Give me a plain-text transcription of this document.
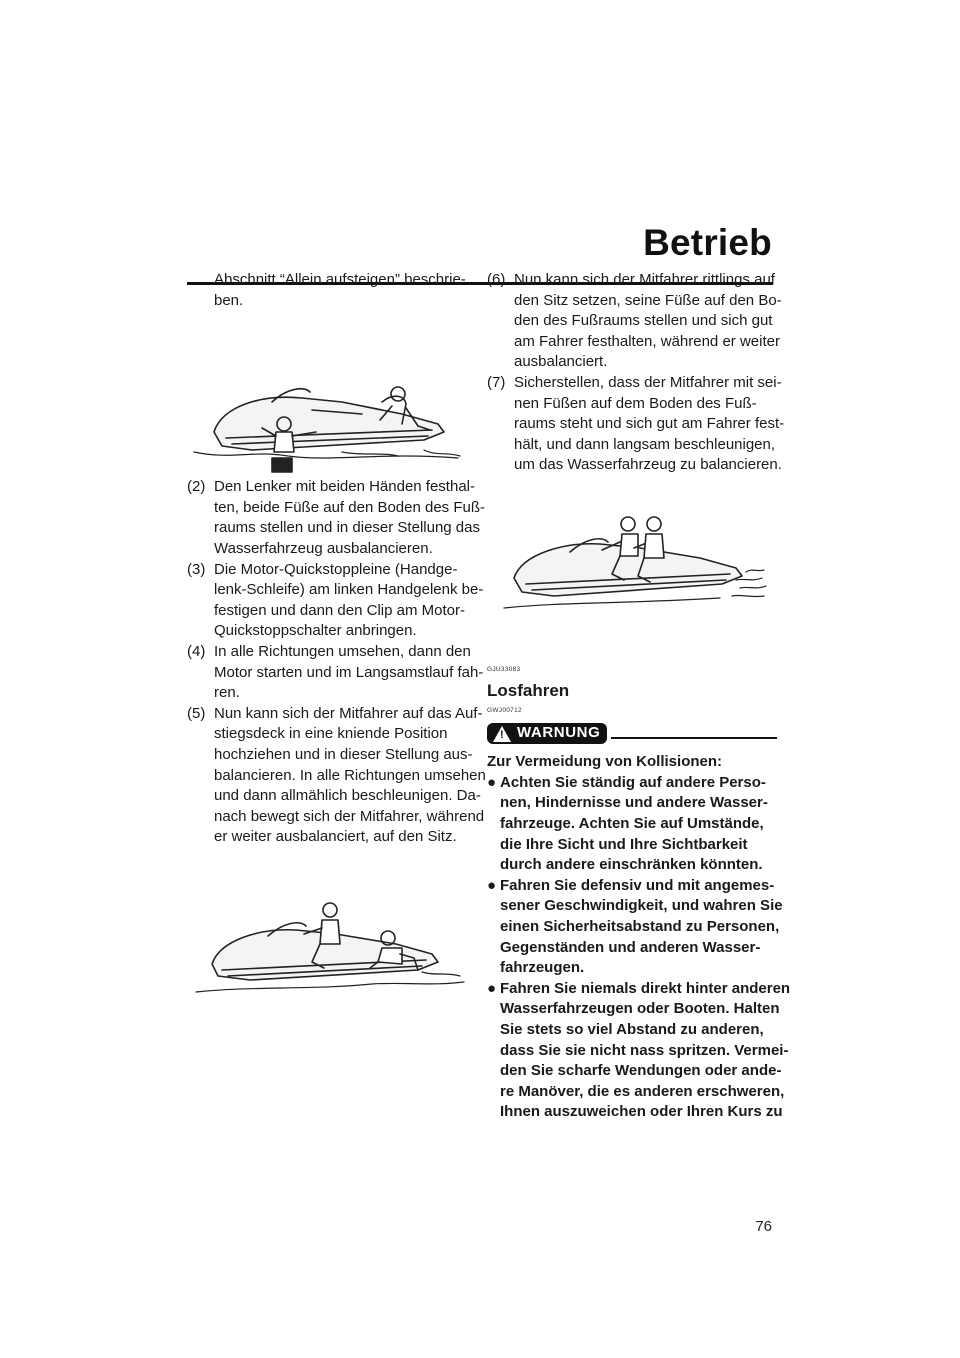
Betrieb
Abschnitt “Allein aufsteigen” beschrie-
ben.
(2) Den Lenker mit beiden Händen festhal-
ten, beide Füße auf den Boden des Fuß-
raums stellen und in dieser Stellung das
Wasserfahrzeug ausbalancieren.
(3) Die Motor-Quickstoppleine (Handge-
lenk-Schleife) am linken Handgelenk be-
festigen und dann den Clip am Motor-
Quickstoppschalter anbringen.
(4) In alle Richtungen umsehen, dann den
Motor starten und im Langsamstlauf fah-
ren.
(5) Nun kann sich der Mitfahrer auf das Auf-
stiegsdeck in eine kniende Position
hochziehen und in dieser Stellung aus-
balancieren. In alle Richtungen umsehen
und dann allmählich beschleunigen. Da-
nach bewegt sich der Mitfahrer, während
er weiter ausbalanciert, auf den Sitz.
(6) Nun kann sich der Mitfahrer rittlings auf
den Sitz setzen, seine Füße auf den Bo-
den des Fußraums stellen und sich gut
am Fahrer festhalten, während er weiter
ausbalanciert.
(7) Sicherstellen, dass der Mitfahrer mit sei-
nen Füßen auf dem Boden des Fuß-
raums steht und sich gut am Fahrer fest-
hält, und dann langsam beschleunigen,
um das Wasserfahrzeug zu balancieren.
GJU33083
Losfahren
GWJ00712
! WARNUNG
Zur Vermeidung von Kollisionen:
● Achten Sie ständig auf andere Perso-
nen, Hindernisse und andere Wasser-
fahrzeuge. Achten Sie auf Umstände,
die Ihre Sicht und Ihre Sichtbarkeit
durch andere einschränken könnten.
● Fahren Sie defensiv und mit angemes-
sener Geschwindigkeit, und wahren Sie
einen Sicherheitsabstand zu Personen,
Gegenständen und anderen Wasser-
fahrzeugen.
● Fahren Sie niemals direkt hinter anderen
Wasserfahrzeugen oder Booten. Halten
Sie stets so viel Abstand zu anderen,
dass Sie sie nicht nass spritzen. Vermei-
den Sie scharfe Wendungen oder ande-
re Manöver, die es anderen erschweren,
Ihnen auszuweichen oder Ihren Kurs zu
76
